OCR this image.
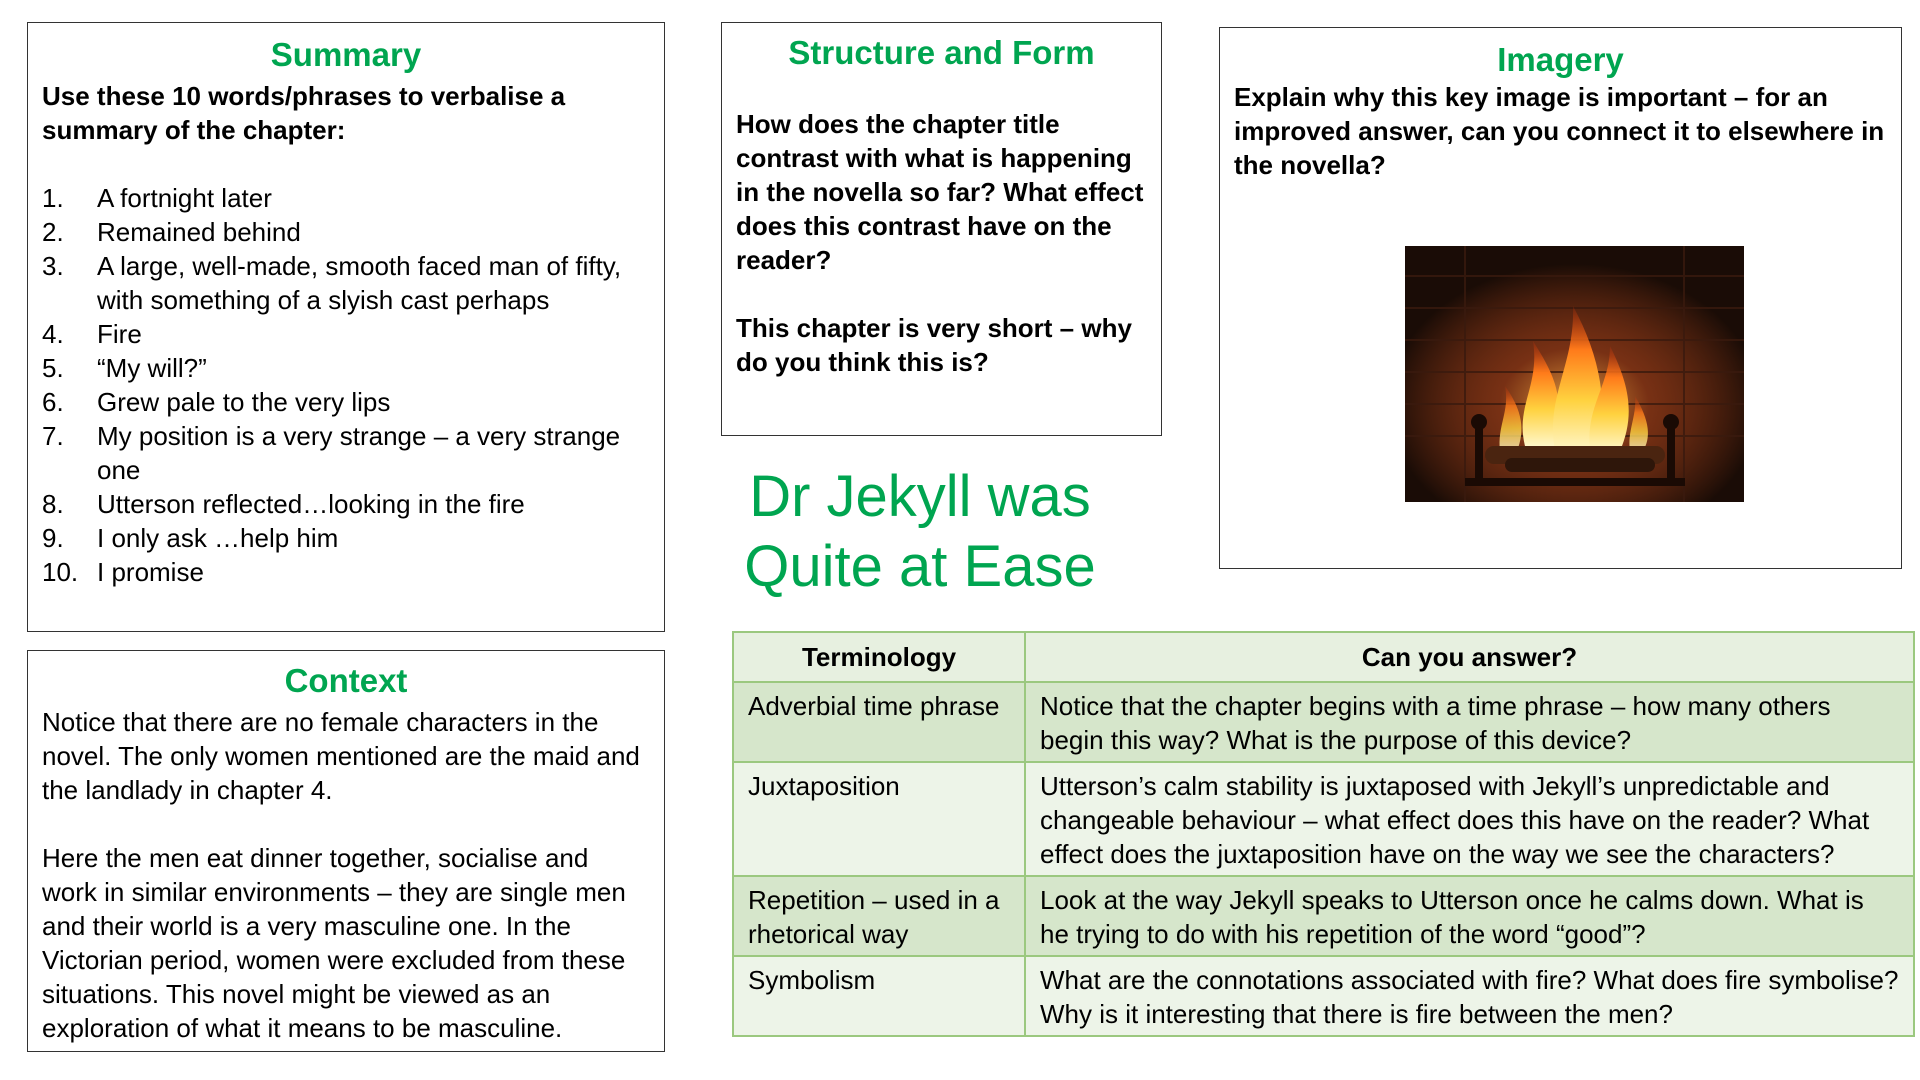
Summary
Use these 10 words/phrases to verbalise a summary of the chapter:
1.	A fortnight later
2.	Remained behind
3.	A large, well-made, smooth faced man of fifty, with something of a slyish cast perhaps
4.	Fire
5.	“My will?”
6.	Grew pale to the very lips
7.	My position is a very strange – a very strange one
8.	Utterson reflected…looking in the fire
9.	I only ask …help him
10. I promise
Context

Notice that there are no female characters in the novel. The only women mentioned are the maid and the landlady in chapter 4.

Here the men eat dinner together, socialise and work in similar environments – they are single men and their world is a very masculine one. In the Victorian period, women were excluded from these situations. This novel might be viewed as an exploration of what it means to be masculine.

Structure and Form

How does the chapter title contrast with what is happening in the novella so far? What effect does this contrast have on the reader?

This chapter is very short – why do you think this is?

Imagery

Explain why this key image is important – for an improved answer, can you connect it to elsewhere in the novella?

Dr Jekyll was
Quite at Ease
Terminology	Can you answer?
Adverbial time phrase	Notice that the chapter begins with a time phrase – how many others begin this way? What is the purpose of this device?
Juxtaposition	Utterson’s calm stability is juxtaposed with Jekyll’s unpredictable and changeable behaviour – what effect does this have on the reader? What effect does the juxtaposition have on the way we see the characters?
Repetition – used in a rhetorical way	Look at the way Jekyll speaks to Utterson once he calms down. What is he trying to do with his repetition of the word “good”?
Symbolism	What are the connotations associated with fire? What does fire symbolise? Why is it interesting that there is fire between the men?
